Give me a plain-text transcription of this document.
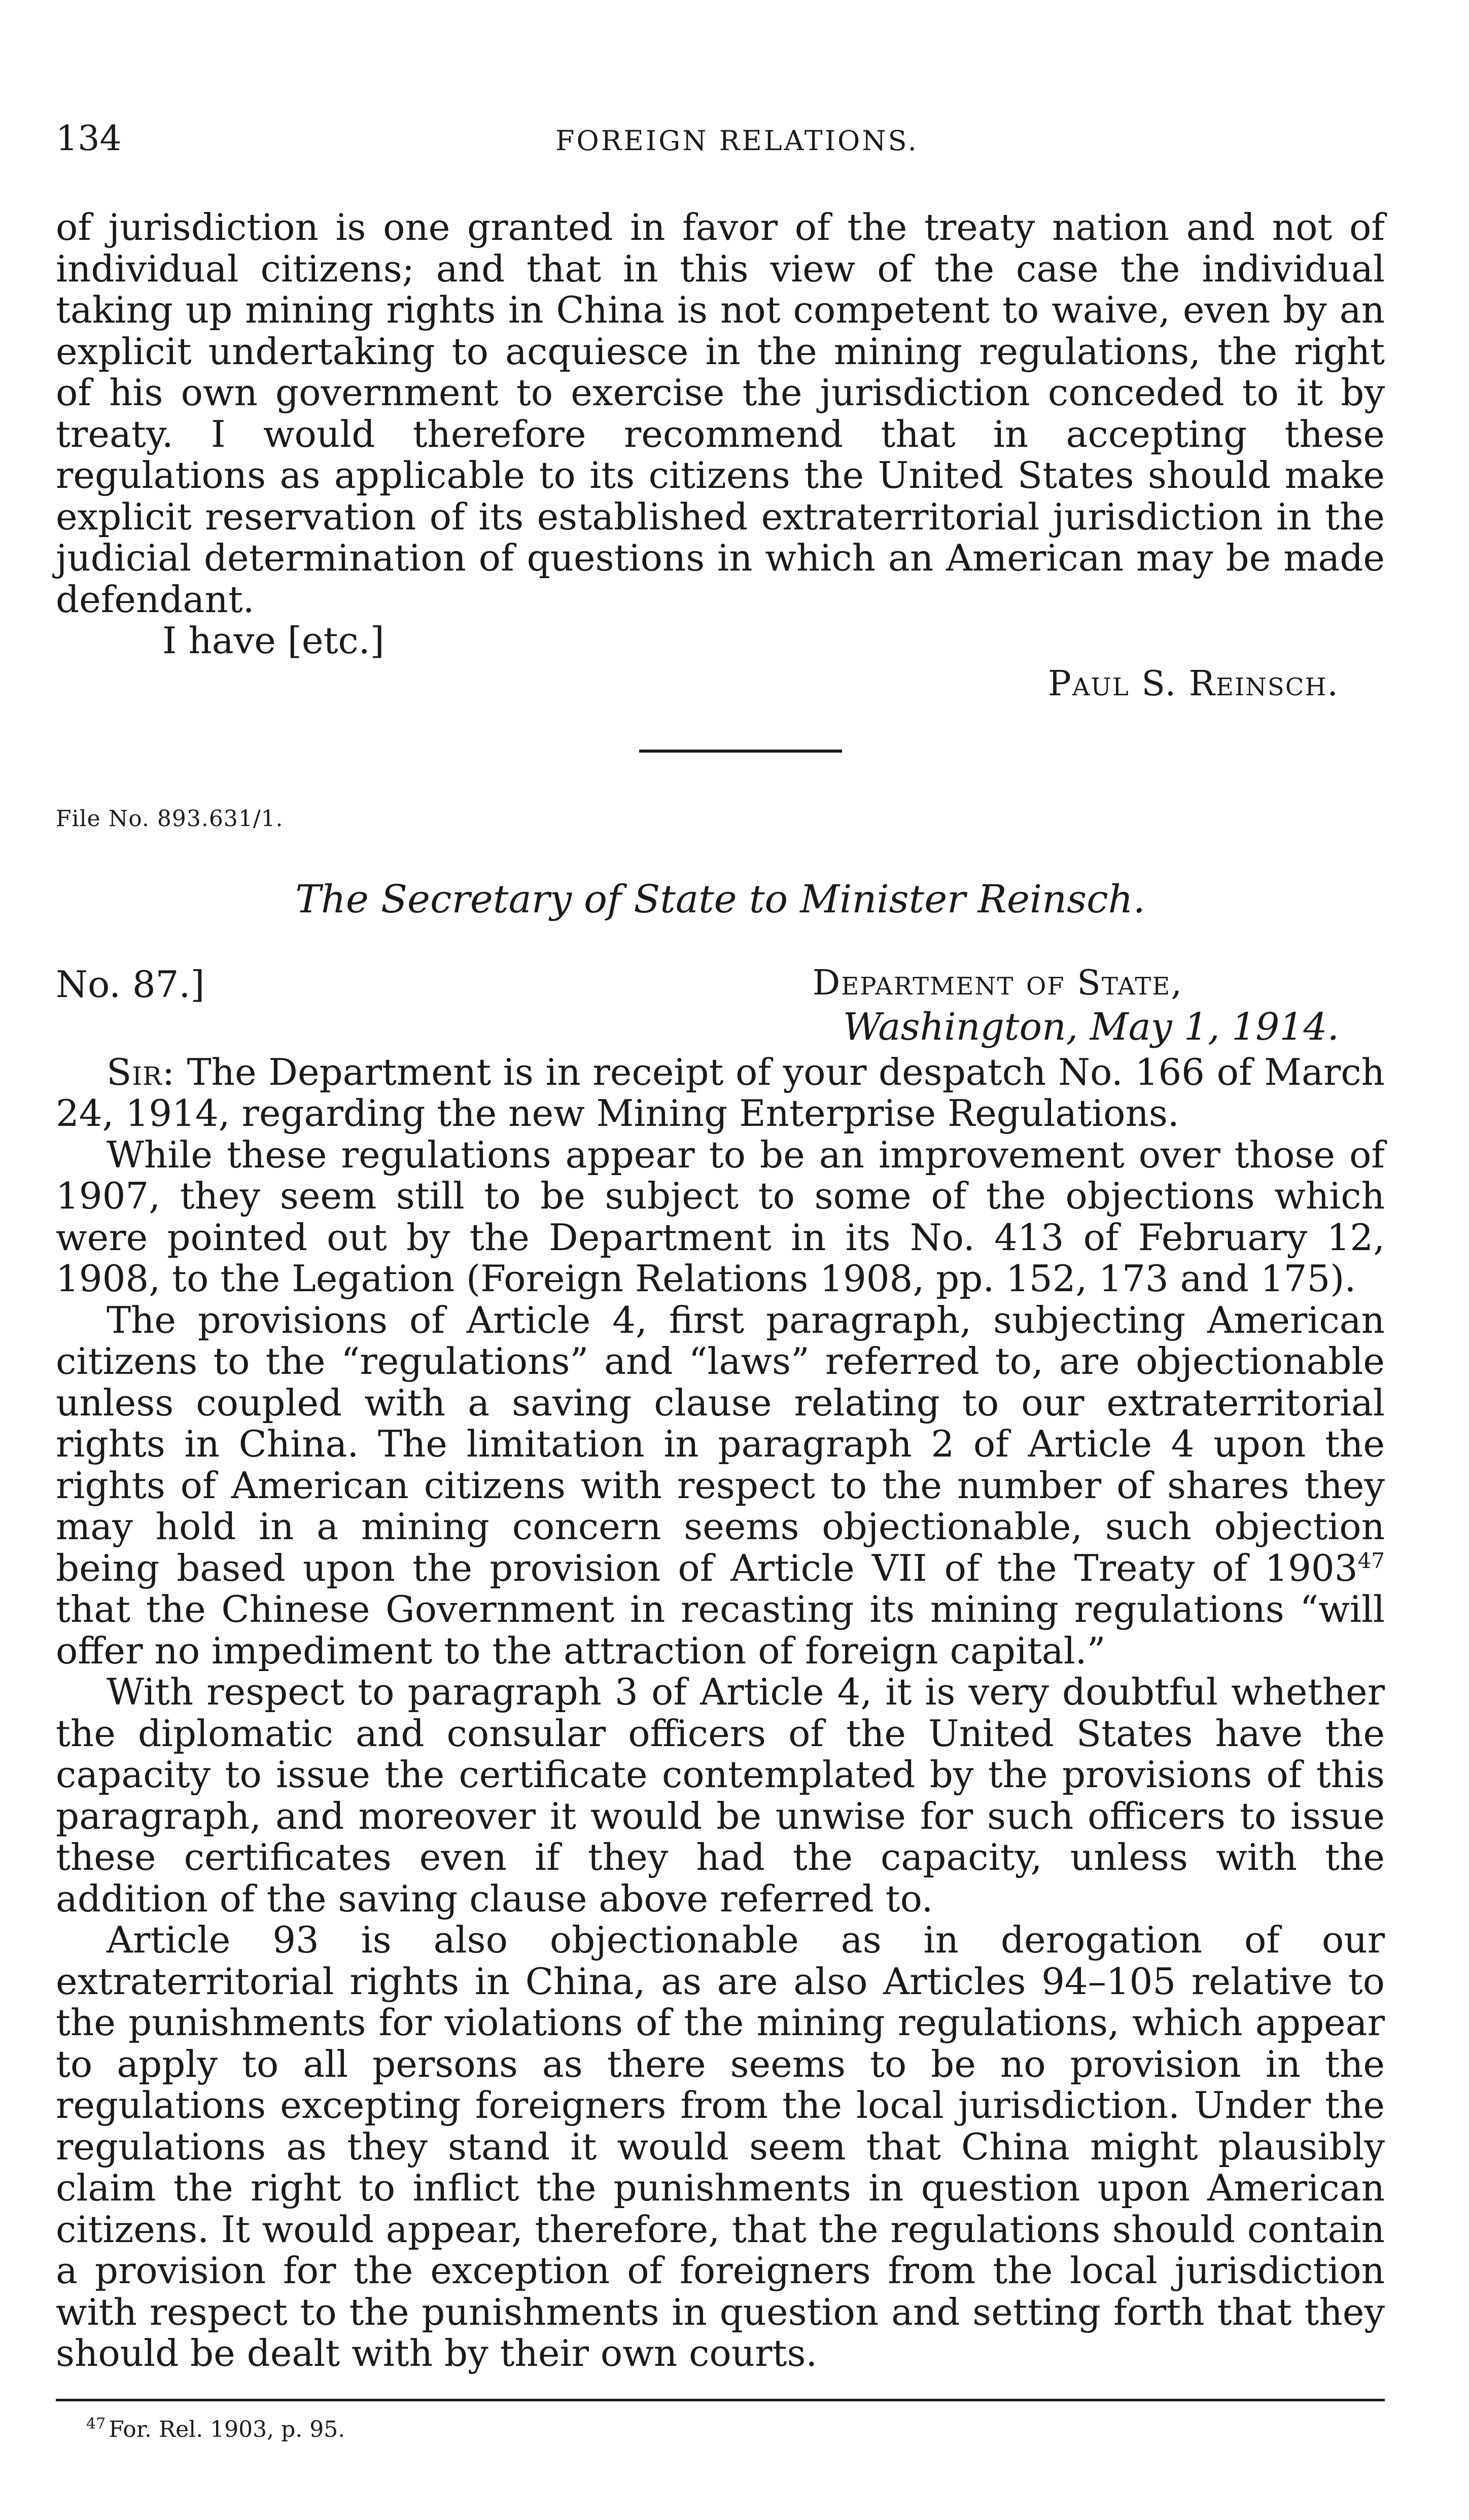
134	FOREIGN RELATIONS.

of jurisdiction is one granted in favor of the treaty nation and not of individual citizens; and that in this view of the case the individual taking up mining rights in China is not competent to waive, even by an explicit undertaking to acquiesce in the mining regulations, the right of his own government to exercise the jurisdiction conceded to it by treaty. I would therefore recommend that in accepting these regulations as applicable to its citizens the United States should make explicit reservation of its established extraterritorial jurisdiction in the judicial determination of questions in which an American may be made defendant.

I have [etc.]

Paul S. Reinsch.
File No. 893.631/1.
The Secretary of State to Minister Reinsch.
No. 87.]	Department of State,
Washington, May 1, 1914.

Sir: The Department is in receipt of your despatch No. 166 of March 24, 1914, regarding the new Mining Enterprise Regulations.

While these regulations appear to be an improvement over those of 1907, they seem still to be subject to some of the objections which were pointed out by the Department in its No. 413 of February 12, 1908, to the Legation (Foreign Relations 1908, pp. 152, 173 and 175).

The provisions of Article 4, first paragraph, subjecting American citizens to the “regulations” and “laws” referred to, are objectionable unless coupled with a saving clause relating to our extraterritorial rights in China. The limitation in paragraph 2 of Article 4 upon the rights of American citizens with respect to the number of shares they may hold in a mining concern seems objectionable, such objection being based upon the provision of Article VII of the Treaty of 1903$^{47}$ that the Chinese Government in recasting its mining regulations “will offer no impediment to the attraction of foreign capital.”

With respect to paragraph 3 of Article 4, it is very doubtful whether the diplomatic and consular officers of the United States have the capacity to issue the certificate contemplated by the provisions of this paragraph, and moreover it would be unwise for such officers to issue these certificates even if they had the capacity, unless with the addition of the saving clause above referred to.

Article 93 is also objectionable as in derogation of our extraterritorial rights in China, as are also Articles 94–105 relative to the punishments for violations of the mining regulations, which appear to apply to all persons as there seems to be no provision in the regulations excepting foreigners from the local jurisdiction. Under the regulations as they stand it would seem that China might plausibly claim the right to inflict the punishments in question upon American citizens. It would appear, therefore, that the regulations should contain a provision for the exception of foreigners from the local jurisdiction with respect to the punishments in question and setting forth that they should be dealt with by their own courts.

$^{47}$ For. Rel. 1903, p. 95.
